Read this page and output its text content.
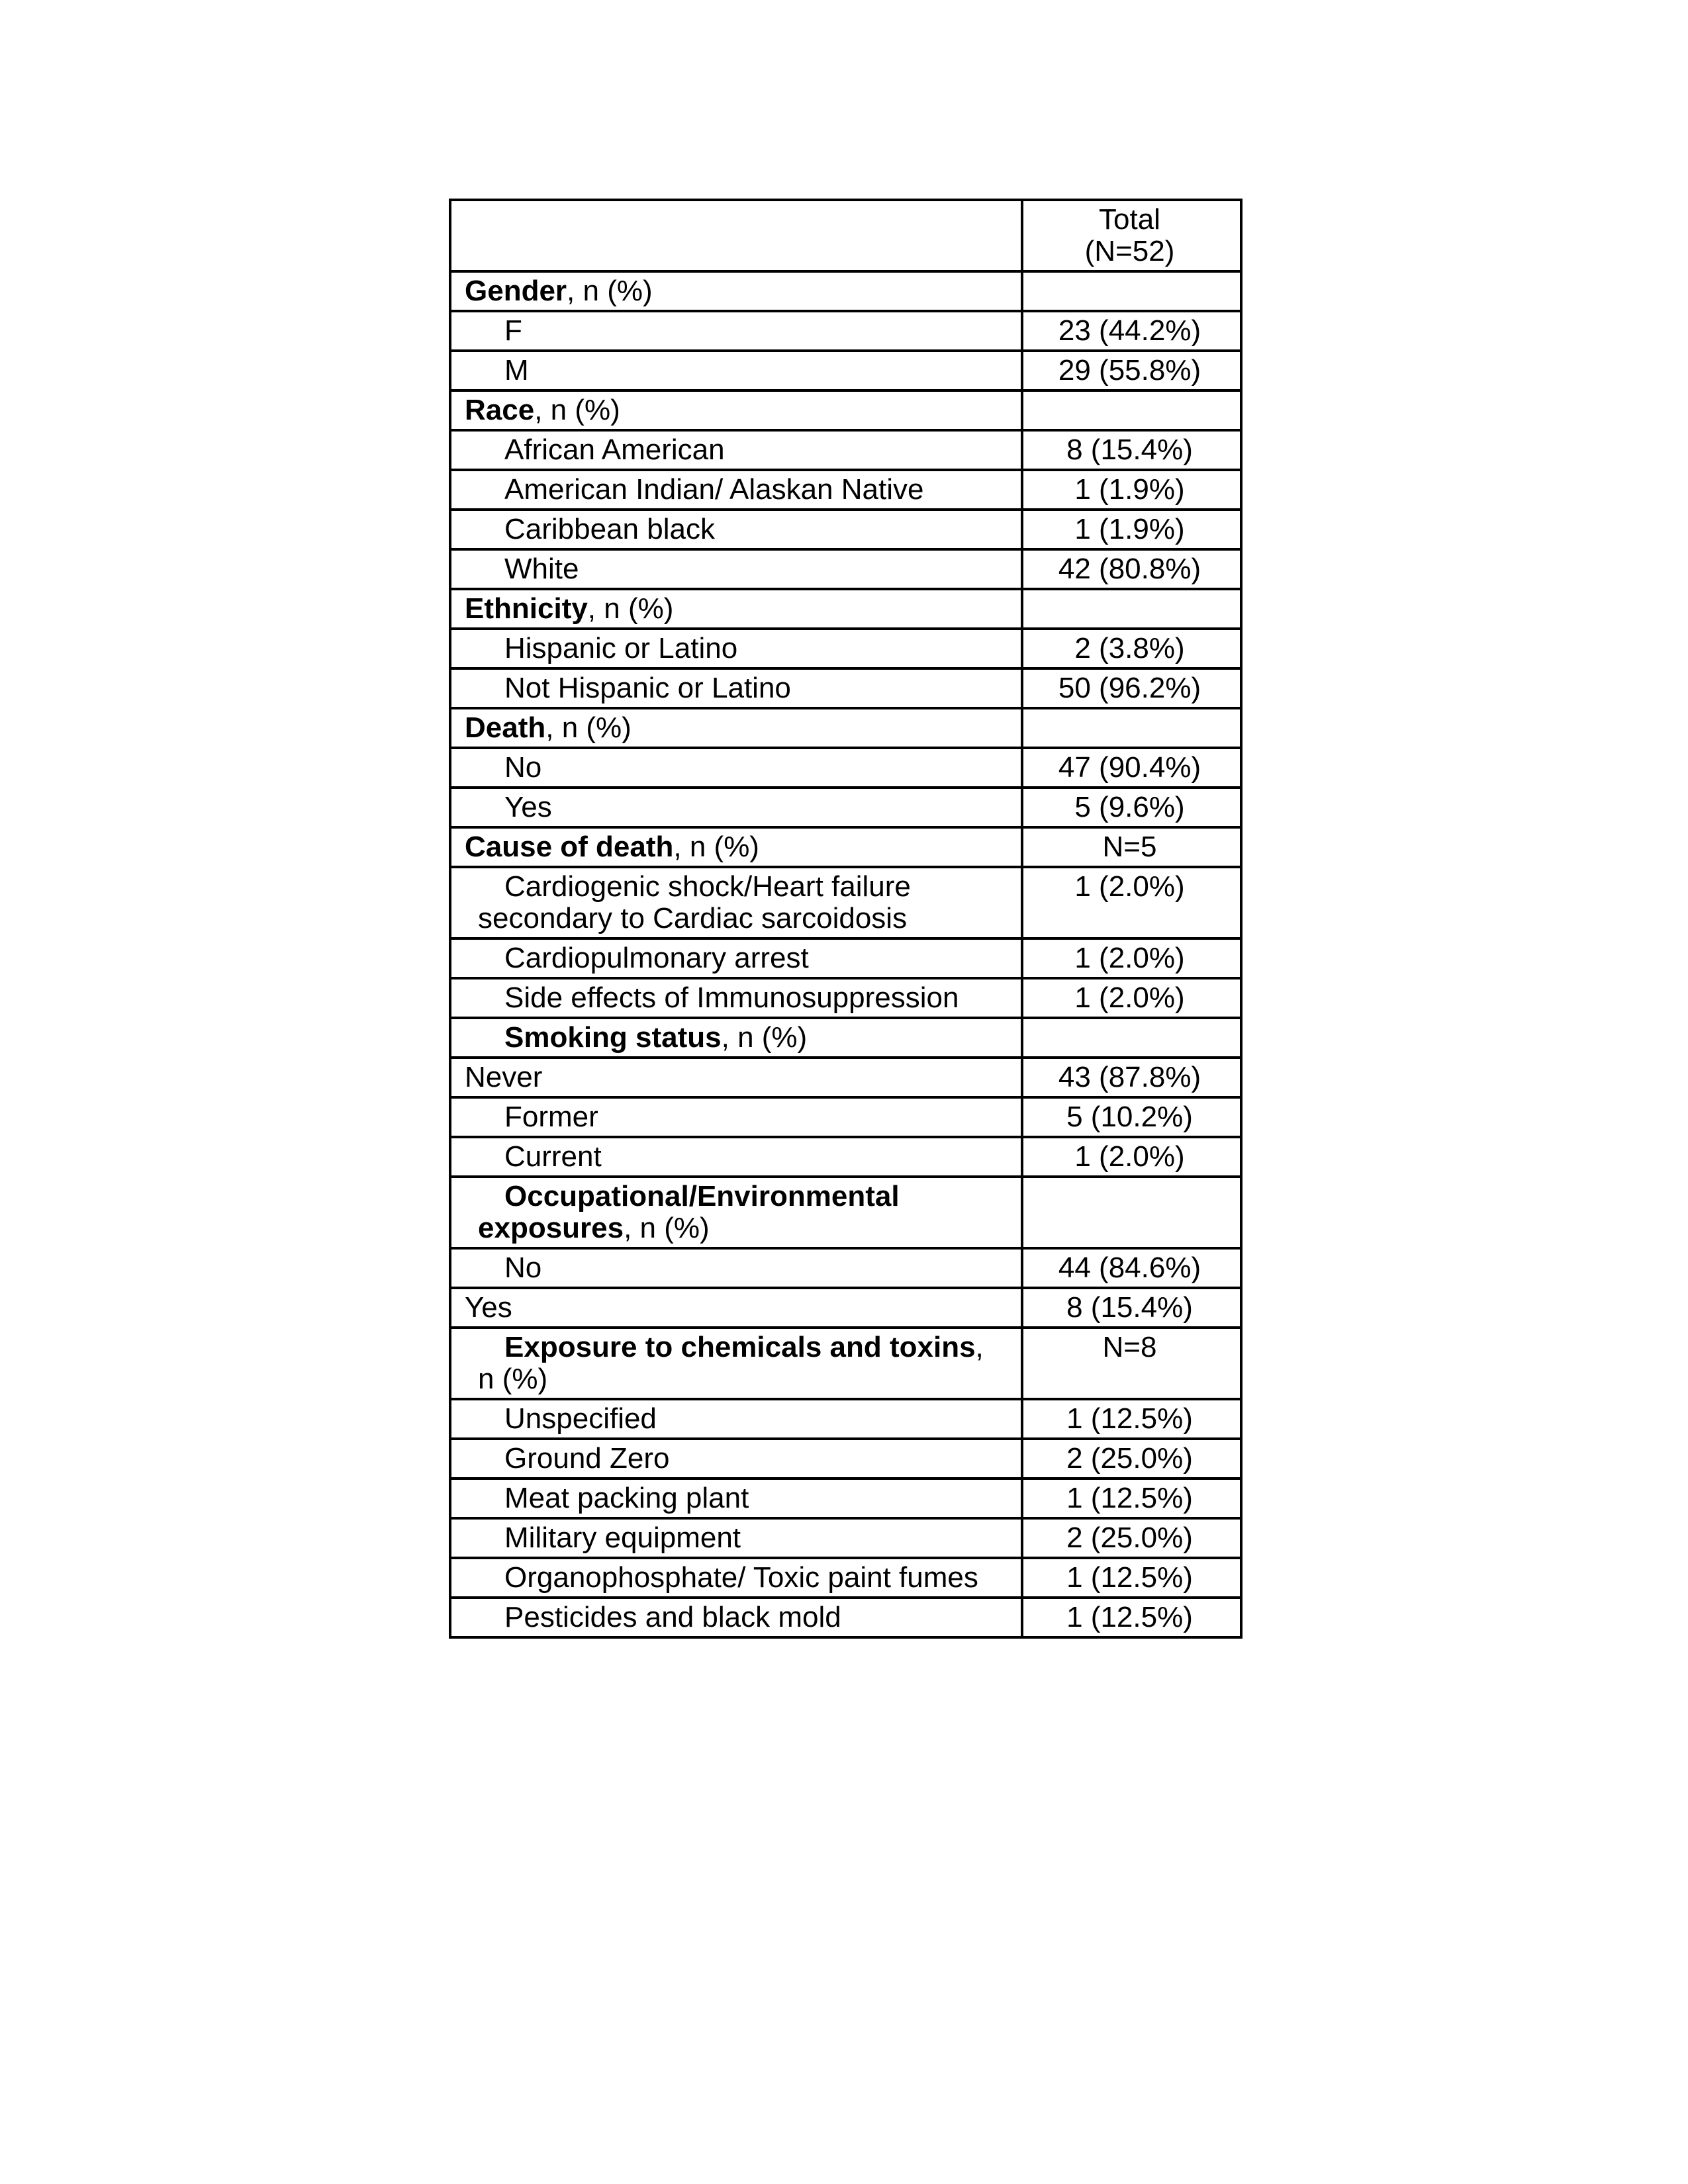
	Total
(N=52)

Gender, n (%)	

F	23 (44.2%)

M	29 (55.8%)

Race, n (%)	

African American	8 (15.4%)

American Indian/ Alaskan Native	1 (1.9%)

Caribbean black	1 (1.9%)

White	42 (80.8%)

Ethnicity, n (%)	

Hispanic or Latino	2 (3.8%)

Not Hispanic or Latino	50 (96.2%)

Death, n (%)	

No	47 (90.4%)

Yes	5 (9.6%)

Cause of death, n (%)	N=5

Cardiogenic shock/Heart failure
secondary to Cardiac sarcoidosis	1 (2.0%)

Cardiopulmonary arrest	1 (2.0%)

Side effects of Immunosuppression	1 (2.0%)

Smoking status, n (%)	

Never	43 (87.8%)

Former	5 (10.2%)

Current	1 (2.0%)

Occupational/Environmental
exposures, n (%)	

No	44 (84.6%)

Yes	8 (15.4%)

Exposure to chemicals and toxins,
n (%)	N=8

Unspecified	1 (12.5%)

Ground Zero	2 (25.0%)

Meat packing plant	1 (12.5%)

Military equipment	2 (25.0%)

Organophosphate/ Toxic paint fumes	1 (12.5%)

Pesticides and black mold	1 (12.5%)
